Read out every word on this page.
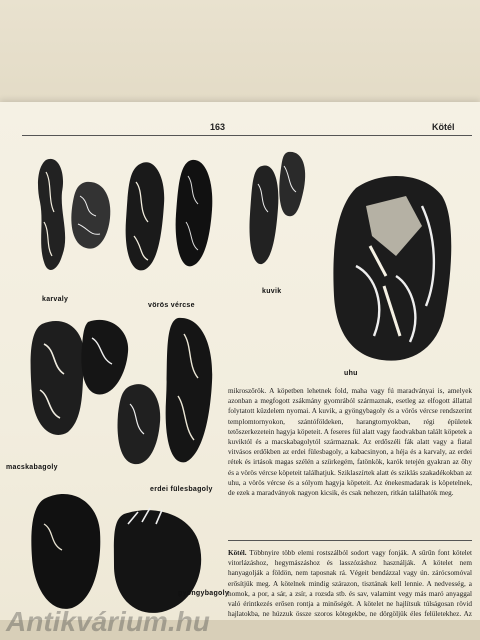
163	Kötél
karvaly
vörös vércse
kuvik
uhu
macskabagoly
erdei fülesbagoly
gyöngybagoly

mikroszőrök. A köpetben lehetnek fold, maha vagy fú maradványai is, amelyek azonban a megfogott zsákmány gyomrából származnak, esetleg az elfogott állattal folytatott küzdelem nyomai. A kuvik, a gyöngybagoly és a vörös vércse rendszerint templomtornyokon, szántóföldeken, harangtornyokban, régi épületek tetőszerkezetein hagyja köpeteit. A feseres fül alatt vagy faodvakban talált köpetek a kuviktól és a macskabagolytól származnak. Az erdőszéli fák alatt vagy a fiatal vitvásos erdőkben az erdei fülesbagoly, a kabacsinyon, a héja és a karvaly, az erdei rétek és irtások magas szélén a szürkegém, fatönkök, karók tetején gyakran az őhy és a vörös vércse köpeteit találhatjuk. Sziklaszírtek alatt és sziklás szakadékokban az uhu, a vörös vércse és a sólyom hagyja köpeteit. Az énekesmadarak is köpetelnek, de ezek a maradványok nagyon kicsik, és csak nehezen, ritkán találhatók meg.

Kötél. Többnyire több elemi rostszálból sodort vagy fonják. A sűrűn font kötelet vitorlázáshoz, hegymászáshoz és lasszózáshoz használják. A kötelet nem hanyagolják a földön, nem taposnak rá. Végeit bendázzal vagy ún. zárócsomóval erősítjük meg. A kötelnek mindig szárazon, tisztának kell lennie. A nedvesség, a homok, a por, a sár, a zsír, a rozsda stb. és sav, valamint vegy más maró anyaggal való érintkezés erősen rontja a minőségét. A kötelet ne hajlítsuk túlságosan rövid hajlatokba, ne húzzuk össze szoros kötegekbe, ne dörgöljük éles felületekhez. Az

Antikvárium.hu
